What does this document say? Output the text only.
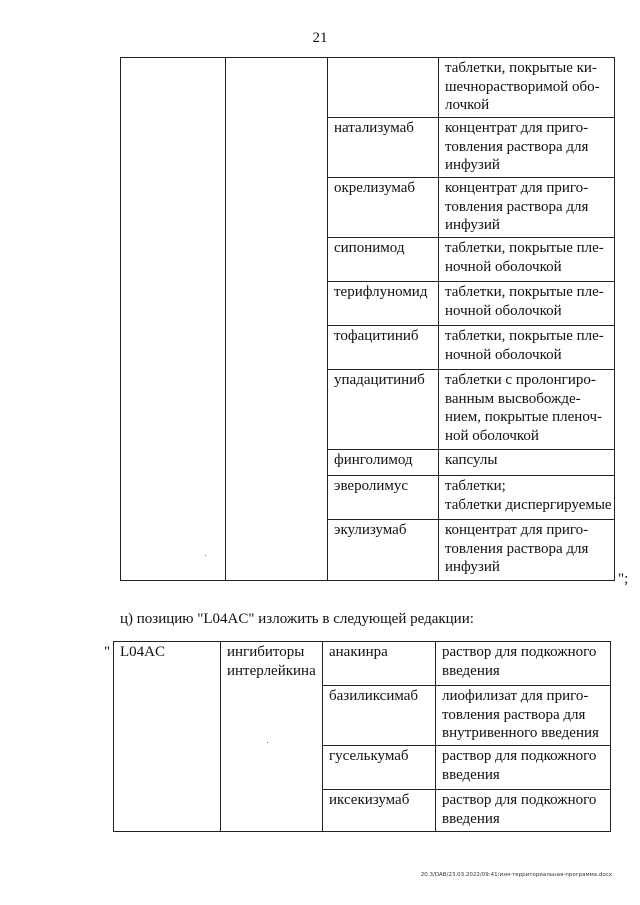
21

			таблетки, покрытые ки-
шечнорастворимой обо-
лочкой

		натализумаб	концентрат для приго-
товления раствора для
инфузий

		окрелизумаб	концентрат для приго-
товления раствора для
инфузий

		сипонимод	таблетки, покрытые пле-
ночной оболочкой

		терифлуномид	таблетки, покрытые пле-
ночной оболочкой

		тофацитиниб	таблетки, покрытые пле-
ночной оболочкой

		упадацитиниб	таблетки с пролонгиро-
ванным высвобожде-
нием, покрытые пленоч-
ной оболочкой

		финголимод	капсулы

		эверолимус	таблетки;
таблетки диспергируемые

		экулизумаб	концентрат для приго-
товления раствора для
инфузий
";
ц) позицию "L04AC" изложить в следующей редакции:
" L04AC	ингибиторы
интерлейкина	анакинра	раствор для подкожного
введения

		базиликсимаб	лиофилизат для приго-
товления раствора для
внутривенного введения

		гуселькумаб	раствор для подкожного
введения

		иксекизумаб	раствор для подкожного
введения
20.3/DAB/23.03.2022/09:41/изм-территориальная-программа.docx
